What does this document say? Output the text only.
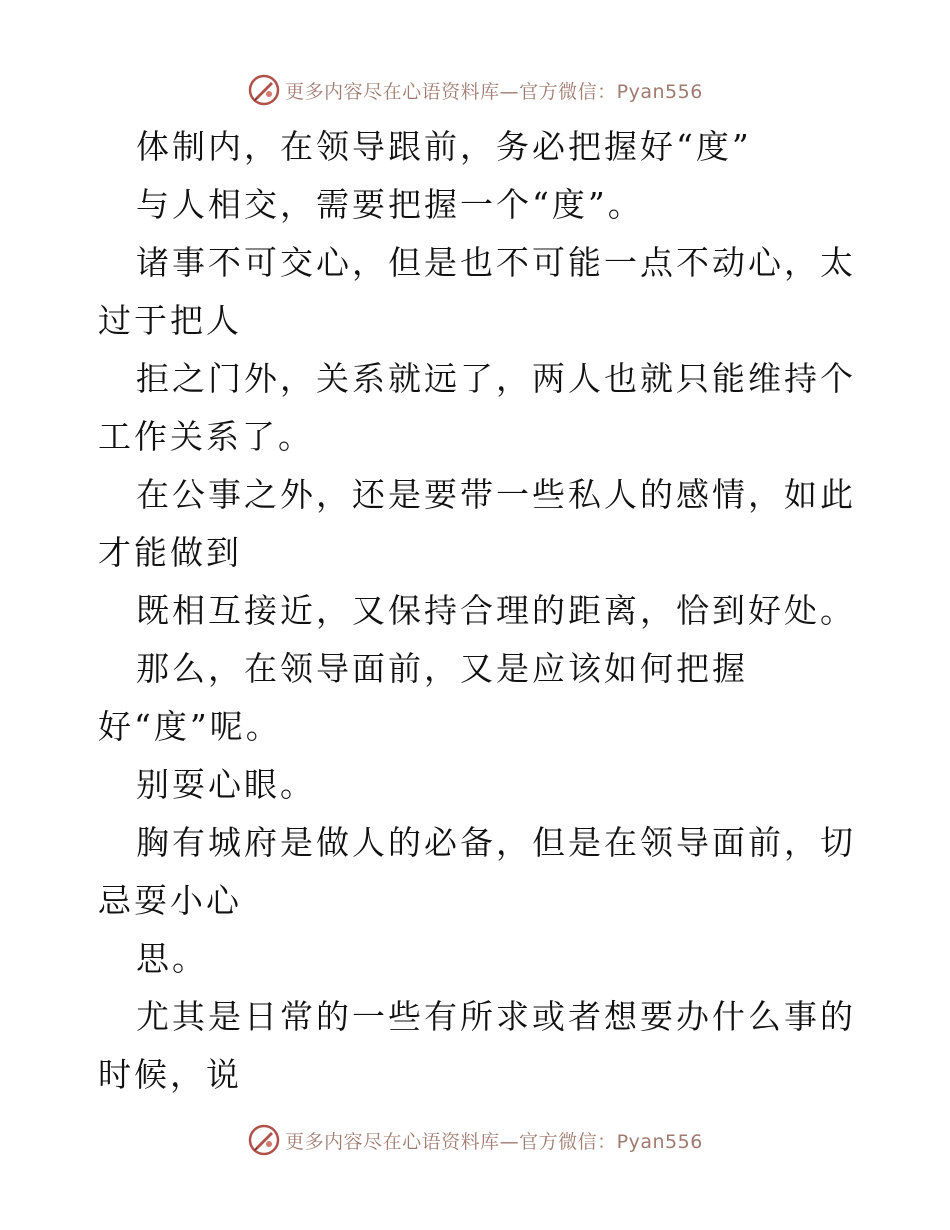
更多内容尽在心语资料库—官方微信：Pyan556

体制内，在领导跟前，务必把握好“度”

与人相交，需要把握一个“度”。

诸事不可交心，但是也不可能一点不动心，太过于把人

拒之门外，关系就远了，两人也就只能维持个工作关系了。

在公事之外，还是要带一些私人的感情，如此才能做到

既相互接近，又保持合理的距离，恰到好处。

那么，在领导面前，又是应该如何把握

好“度”呢。

别耍心眼。

胸有城府是做人的必备，但是在领导面前，切忌耍小心

思。

尤其是日常的一些有所求或者想要办什么事的时候，说

更多内容尽在心语资料库—官方微信：Pyan556
